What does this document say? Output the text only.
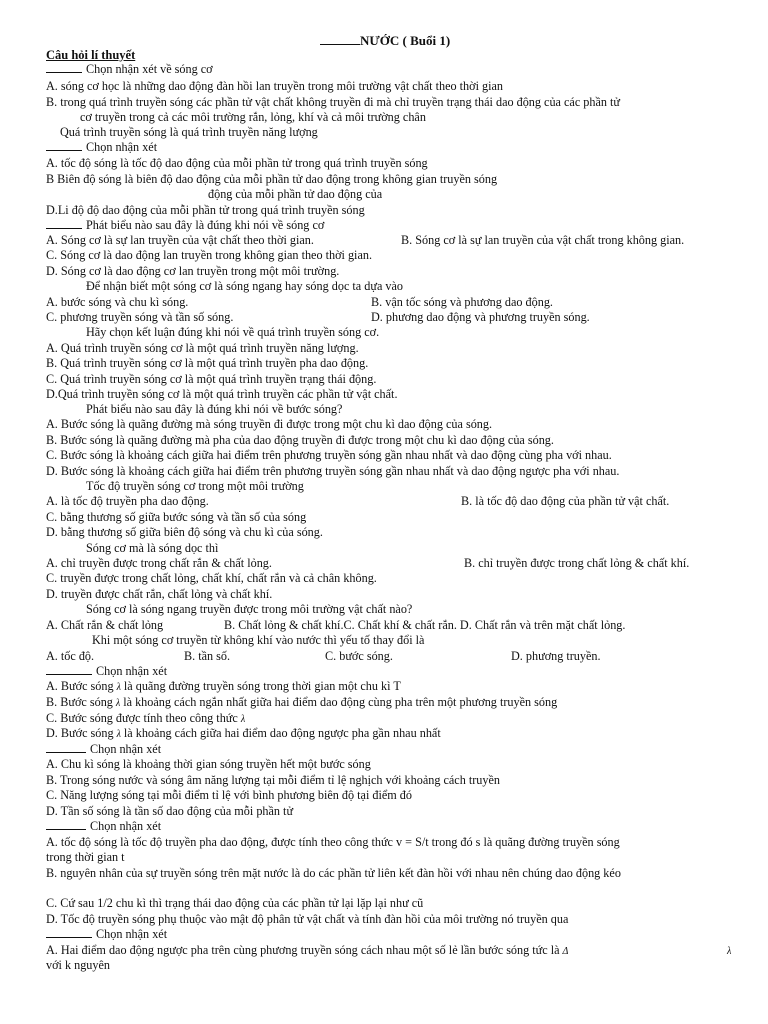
NƯỚC ( Buổi 1)
Câu hỏi lí thuyết
Chọn nhận xét về sóng cơ
A. sóng cơ học là những dao động đàn hồi lan truyền trong môi trường vật chất theo thời gian
B. trong quá trình truyền sóng các phần tử vật chất không truyền đi mà chỉ truyền trạng thái dao động của các phần tử
cơ truyền trong cả các môi trường rắn, lỏng, khí và cả môi trường chân
Quá trình truyền sóng là quá trình truyền năng lượng
Chọn nhận xét
A. tốc độ sóng là tốc độ dao động của mỗi phần tử trong quá trình truyền sóng
B Biên độ sóng là biên độ dao động của mỗi phần tử dao động trong không gian truyền sóng
động của mỗi phần tử dao động của
D.Li độ độ dao động của mỗi phần tử trong quá trình truyền sóng
Phát biểu nào sau đây là đúng khi nói về sóng cơ
A. Sóng cơ là sự lan truyền của vật chất theo thời gian.	B. Sóng cơ là sự lan truyền của vật chất trong không gian.
C. Sóng cơ là dao động lan truyền trong không gian theo thời gian.
D. Sóng cơ là dao động cơ lan truyền trong một môi trường.
Để nhận biết một sóng cơ là sóng ngang hay sóng dọc ta dựa vào
A. bước sóng và chu kì sóng.	B. vận tốc sóng và phương dao động.
C. phương truyền sóng và tần số sóng.	D. phương dao động và phương truyền sóng.
Hãy chọn kết luận đúng khi nói về quá trình truyền sóng cơ.
A. Quá trình truyền sóng cơ là một quá trình truyền năng lượng.
B. Quá trình truyền sóng cơ là một quá trình truyền pha dao động.
C. Quá trình truyền sóng cơ là một quá trình truyền trạng thái động.
D.Quá trình truyền sóng cơ là một quá trình truyền các phần tử vật chất.
Phát biểu nào sau đây là đúng khi nói về bước sóng?
A. Bước sóng là quãng đường mà sóng truyền đi được trong một chu kì dao động của sóng.
B. Bước sóng là quãng đường mà pha của dao động truyền đi được trong một chu kì dao động của sóng.
C. Bước sóng là khoảng cách giữa hai điểm trên phương truyền sóng gần nhau nhất và dao động cùng pha với nhau.
D. Bước sóng là khoảng cách giữa hai điểm trên phương truyền sóng gần nhau nhất và dao động ngược pha với nhau.
Tốc độ truyền sóng cơ trong một môi trường
A. là tốc độ truyền pha dao động.	B. là tốc độ dao động của phần tử vật chất.
C. bằng thương số giữa bước sóng và tần số của sóng
D. bằng thương số giữa biên độ sóng và chu kì của sóng.
Sóng cơ mà là sóng dọc thì
A. chỉ truyền được trong chất rắn & chất lỏng.	B. chỉ truyền được trong chất lỏng & chất khí.
C. truyền được trong chất lỏng, chất khí, chất rắn và cả chân không.
D. truyền được chất rắn, chất lỏng và chất khí.
Sóng cơ là sóng ngang truyền được trong môi trường vật chất nào?
A. Chất rắn & chất lỏng	B. Chất lỏng & chất khí.C. Chất khí & chất rắn. D. Chất rắn và trên mặt chất lỏng.
Khi một sóng cơ truyền từ không khí vào nước thì yếu tố thay đổi là
A. tốc độ.	B. tần số.	C. bước sóng.	D. phương truyền.
Chọn nhận xét
A. Bước sóng λ là quãng đường truyền sóng trong thời gian một chu kì T
B. Bước sóng λ là khoảng cách ngắn nhất giữa hai điểm dao động cùng pha trên một phương truyền sóng
C. Bước sóng được tính theo công thức λ
D. Bước sóng λ là khoảng cách giữa hai điểm dao động ngược pha gần nhau nhất
Chọn nhận xét
A. Chu kì sóng là khoảng thời gian sóng truyền hết một bước sóng
B. Trong sóng nước và sóng âm năng lượng tại mỗi điểm tỉ lệ nghịch với khoảng cách truyền
C. Năng lượng sóng tại mỗi điểm tỉ lệ với bình phương biên độ tại điểm đó
D. Tần số sóng là tần số dao động của mỗi phần tử
Chọn nhận xét
A. tốc độ sóng là tốc độ truyền pha dao động, được tính theo công thức v = S/t trong đó s là quãng đường truyền sóng
trong thời gian t
B. nguyên nhân của sự truyền sóng trên mặt nước là do các phần tử liên kết đàn hồi với nhau nên chúng dao động kéo
C. Cứ sau 1/2 chu kì thì trạng thái dao động của các phần tử lại lặp lại như cũ
D. Tốc độ truyền sóng phụ thuộc vào mật độ phân tử vật chất và tính đàn hồi của môi trường nó truyền qua
Chọn nhận xét
A. Hai điểm dao động ngược pha trên cùng phương truyền sóng cách nhau một số lẻ lần bước sóng tức là Δ	λ
với k nguyên
